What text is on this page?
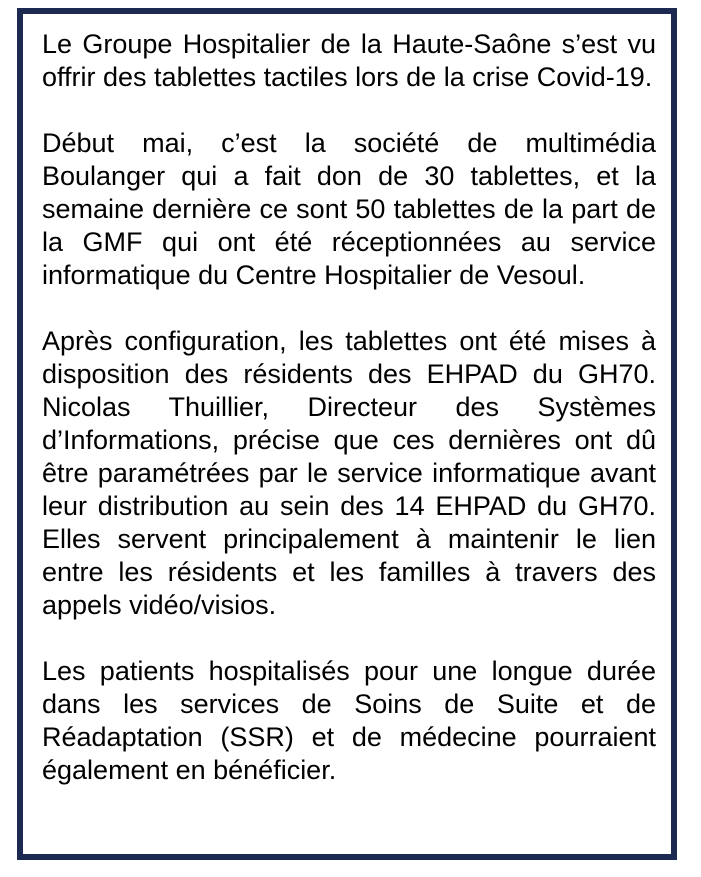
Le Groupe Hospitalier de la Haute-Saône s’est vu offrir des tablettes tactiles lors de la crise Covid-19.

Début mai, c’est la société de multimédia Boulanger qui a fait don de 30 tablettes, et la semaine dernière ce sont 50 tablettes de la part de la GMF qui ont été réceptionnées au service informatique du Centre Hospitalier de Vesoul.

Après configuration, les tablettes ont été mises à disposition des résidents des EHPAD du GH70. Nicolas Thuillier, Directeur des Systèmes d’Informations, précise que ces dernières ont dû être paramétrées par le service informatique avant leur distribution au sein des 14 EHPAD du GH70. Elles servent principalement à maintenir le lien entre les résidents et les familles à travers des appels vidéo/visios.

Les patients hospitalisés pour une longue durée dans les services de Soins de Suite et de Réadaptation (SSR) et de médecine pourraient également en bénéficier.
